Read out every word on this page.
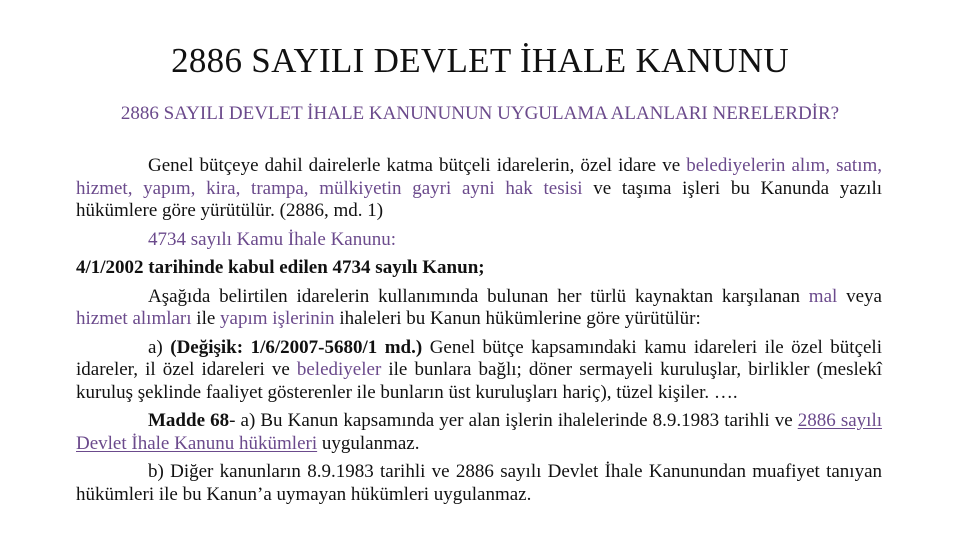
2886 SAYILI DEVLET İHALE KANUNU
2886 SAYILI DEVLET İHALE KANUNUNUN UYGULAMA ALANLARI NERELERDİR?

Genel bütçeye dahil dairelerle katma bütçeli idarelerin, özel idare ve belediyelerin alım, satım, hizmet, yapım, kira, trampa, mülkiyetin gayri ayni hak tesisi ve taşıma işleri bu Kanunda yazılı hükümlere göre yürütülür. (2886, md. 1)

4734 sayılı Kamu İhale Kanunu:

4/1/2002 tarihinde kabul edilen 4734 sayılı Kanun;

Aşağıda belirtilen idarelerin kullanımında bulunan her türlü kaynaktan karşılanan mal veya hizmet alımları ile yapım işlerinin ihaleleri bu Kanun hükümlerine göre yürütülür:

a) (Değişik: 1/6/2007-5680/1 md.) Genel bütçe kapsamındaki kamu idareleri ile özel bütçeli idareler, il özel idareleri ve belediyeler ile bunlara bağlı; döner sermayeli kuruluşlar, birlikler (meslekî kuruluş şeklinde faaliyet gösterenler ile bunların üst kuruluşları hariç), tüzel kişiler. ….

Madde 68- a) Bu Kanun kapsamında yer alan işlerin ihalelerinde 8.9.1983 tarihli ve 2886 sayılı Devlet İhale Kanunu hükümleri uygulanmaz.

b) Diğer kanunların 8.9.1983 tarihli ve 2886 sayılı Devlet İhale Kanunundan muafiyet tanıyan hükümleri ile bu Kanun’a uymayan hükümleri uygulanmaz.
